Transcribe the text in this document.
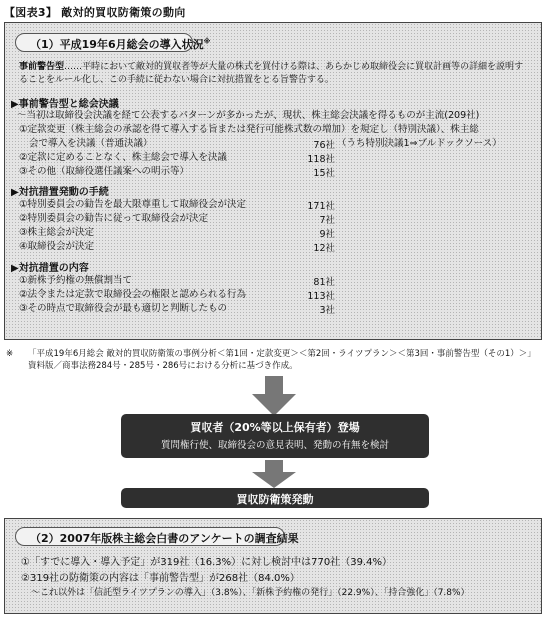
【図表3】 敵対的買収防衛策の動向
（1）平成19年6月総会の導入状況※
事前警告型……平時において敵対的買収者等が大量の株式を買付ける際は、あらかじめ取締役会に買収計画等の詳細を説明することをルール化し、この手続に従わない場合に対抗措置をとる旨警告する。
▶事前警告型と総会決議
～当初は取締役会決議を経て公表するパターンが多かったが、現状、株主総会決議を得るものが主流(209社)
①定款変更（株主総会の承認を得て導入する旨または発行可能株式数の増加）を規定し（特別決議）、株主総
会で導入を決議（普通決議）	76社 （うち特別決議1⇒ブルドックソース）
②定款に定めることなく、株主総会で導入を決議	118社
③その他（取締役選任議案への明示等）	15社
▶対抗措置発動の手続
①特別委員会の勧告を最大限尊重して取締役会が決定	171社
②特別委員会の勧告に従って取締役会が決定	7社
③株主総会が決定	9社
④取締役会が決定	12社
▶対抗措置の内容
①新株予約権の無償割当て	81社
②法令または定款で取締役会の権限と認められる行為	113社
③その時点で取締役会が最も適切と判断したもの	3社
※	「平成19年6月総会 敵対的買収防衛策の事例分析＜第1回・定款変更＞＜第2回・ライツプラン＞＜第3回・事前警告型（その1）＞」資料版／商事法務284号・285号・286号における分析に基づき作成。
買収者（20%等以上保有者）登場
質問権行使、取締役会の意見表明、発動の有無を検討
買収防衛策発動
（2）2007年版株主総会白書のアンケートの調査結果
①「すでに導入・導入予定」が319社（16.3%）に対し検討中は770社（39.4%）
②319社の防衛策の内容は「事前警告型」が268社（84.0%）
～これ以外は「信託型ライツプランの導入」（3.8%）、「新株予約権の発行」（22.9%）、「持合強化」（7.8%）
